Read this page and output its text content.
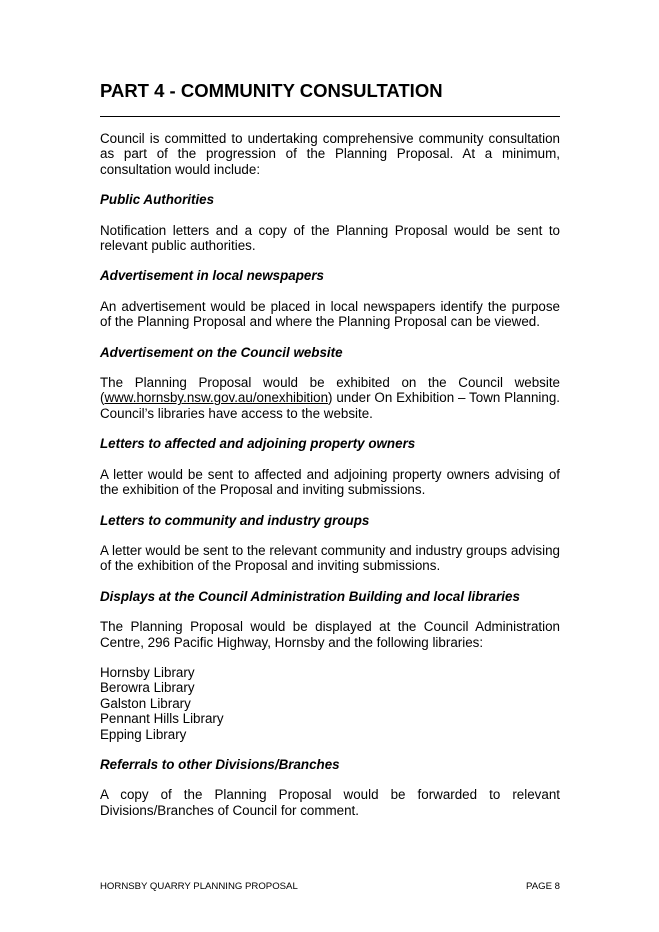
PART 4 - COMMUNITY CONSULTATION

Council is committed to undertaking comprehensive community consultation as part of the progression of the Planning Proposal. At a minimum, consultation would include:

Public Authorities

Notification letters and a copy of the Planning Proposal would be sent to relevant public authorities.

Advertisement in local newspapers

An advertisement would be placed in local newspapers identify the purpose of the Planning Proposal and where the Planning Proposal can be viewed.

Advertisement on the Council website

The Planning Proposal would be exhibited on the Council website (www.hornsby.nsw.gov.au/onexhibition) under On Exhibition – Town Planning. Council’s libraries have access to the website.

Letters to affected and adjoining property owners

A letter would be sent to affected and adjoining property owners advising of the exhibition of the Proposal and inviting submissions.

Letters to community and industry groups

A letter would be sent to the relevant community and industry groups advising of the exhibition of the Proposal and inviting submissions.

Displays at the Council Administration Building and local libraries

The Planning Proposal would be displayed at the Council Administration Centre, 296 Pacific Highway, Hornsby and the following libraries:

Hornsby Library
Berowra Library
Galston Library
Pennant Hills Library
Epping Library
Referrals to other Divisions/Branches

A copy of the Planning Proposal would be forwarded to relevant Divisions/Branches of Council for comment.

HORNSBY QUARRY PLANNING PROPOSAL	PAGE 8
